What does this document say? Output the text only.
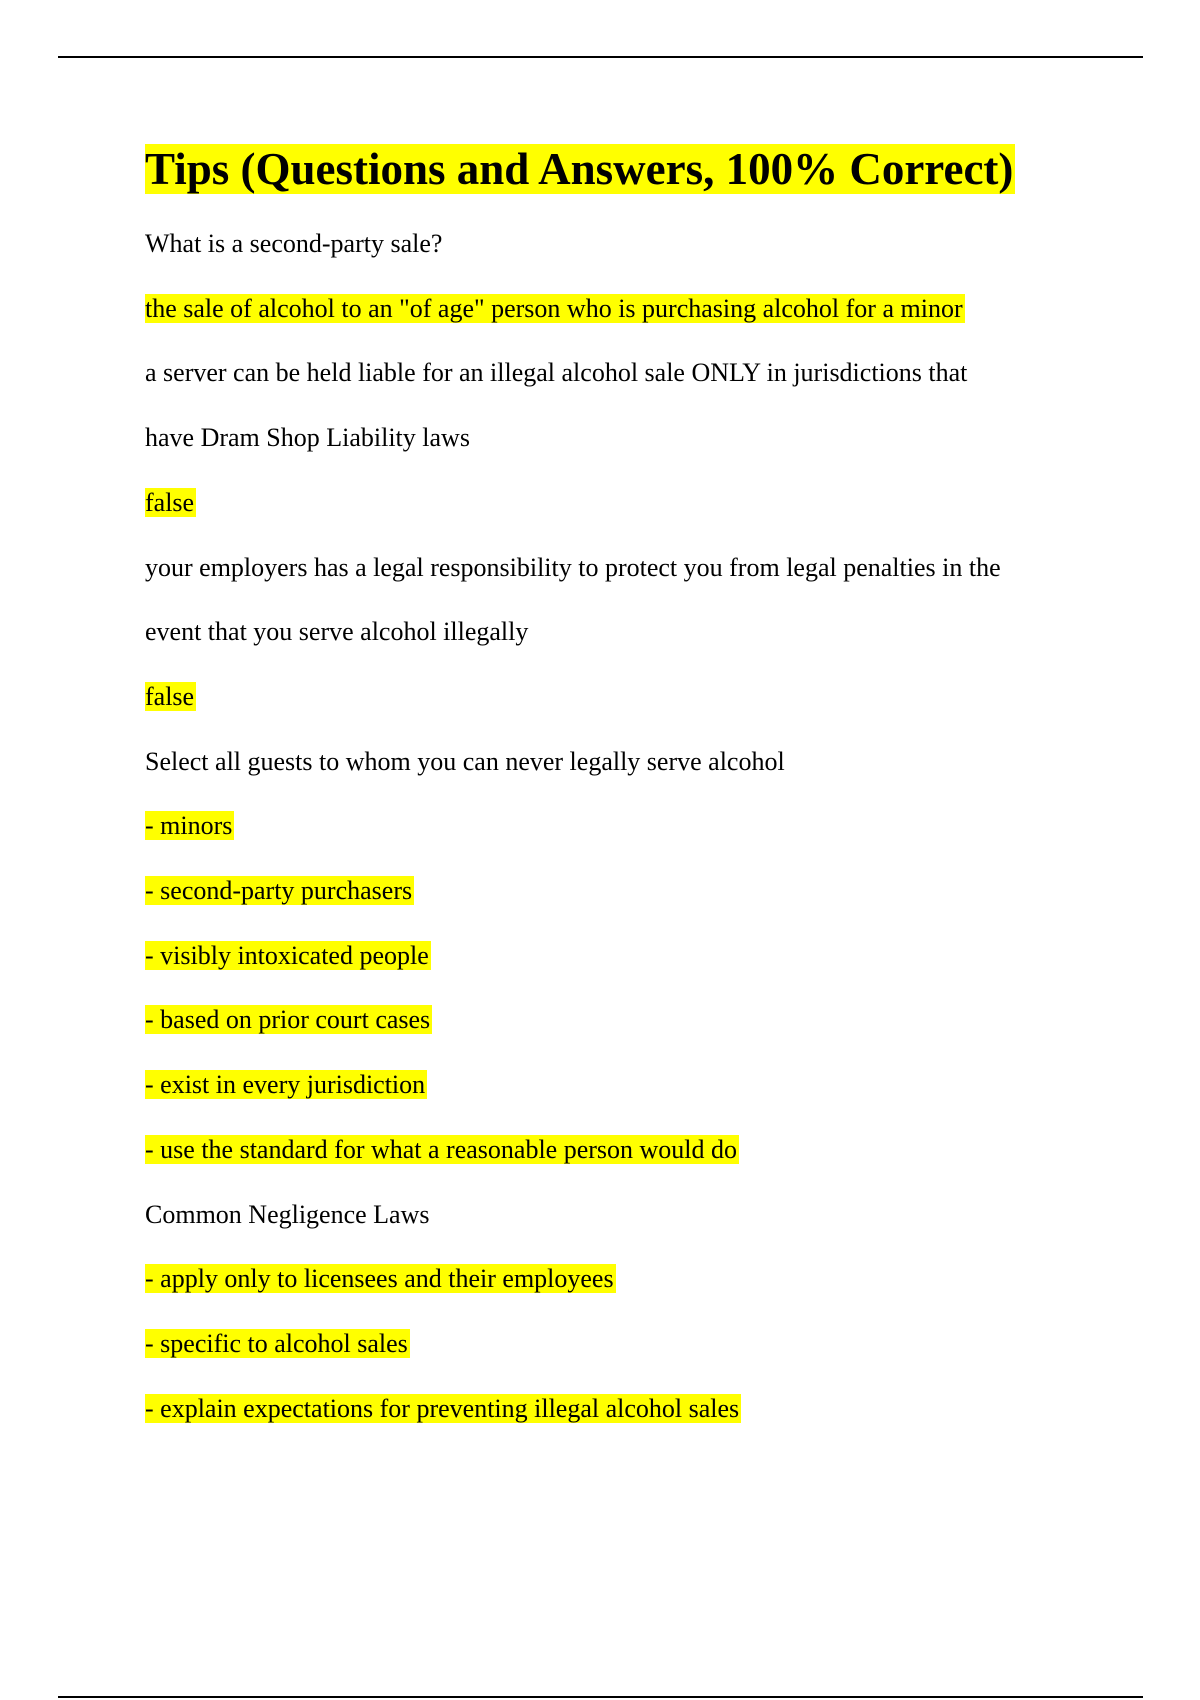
Tips (Questions and Answers, 100% Correct)
What is a second-party sale?
the sale of alcohol to an "of age" person who is purchasing alcohol for a minor
a server can be held liable for an illegal alcohol sale ONLY in jurisdictions that
have Dram Shop Liability laws
false
your employers has a legal responsibility to protect you from legal penalties in the
event that you serve alcohol illegally
false
Select all guests to whom you can never legally serve alcohol
- minors
- second-party purchasers
- visibly intoxicated people
- based on prior court cases
- exist in every jurisdiction
- use the standard for what a reasonable person would do
Common Negligence Laws
- apply only to licensees and their employees
- specific to alcohol sales
- explain expectations for preventing illegal alcohol sales
